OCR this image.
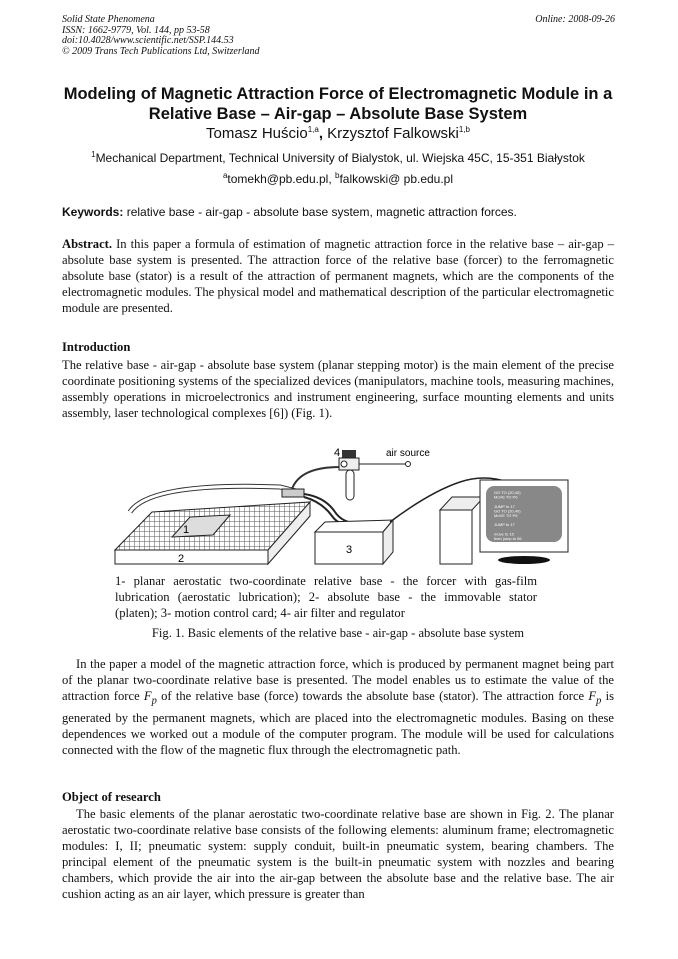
Solid State Phenomena
ISSN: 1662-9779, Vol. 144, pp 53-58
doi:10.4028/www.scientific.net/SSP.144.53
© 2009 Trans Tech Publications Ltd, Switzerland
Online: 2008-09-26
Modeling of Magnetic Attraction Force of Electromagnetic Module in a
Relative Base – Air-gap – Absolute Base System
Tomasz Huścio$^{1,a}$, Krzysztof Falkowski$^{1,b}$
$^1$Mechanical Department, Technical University of Bialystok, ul. Wiejska 45C, 15-351 Białystok
$^a$tomekh@pb.edu.pl, $^b$falkowski@ pb.edu.pl
Keywords: relative base - air-gap - absolute base system, magnetic attraction forces.

Abstract. In this paper a formula of estimation of magnetic attraction force in the relative base – air-gap – absolute base system is presented. The attraction force of the relative base (forcer) to the ferromagnetic absolute base (stator) is a result of the attraction of permanent magnets, which are the components of the electromagnetic modules. The physical model and mathematical description of the particular electromagnetic module are presented.

Introduction

The relative base - air-gap - absolute base system (planar stepping motor) is the main element of the precise coordinate positioning systems of the specialized devices (manipulators, machine tools, measuring machines, assembly operations in microelectronics and instrument engineering, surface mounting elements and units assembly, laser technological complexes [6]) (Fig. 1).

1
2
3
4	air source
GO TO (20,40)
MoVE TO P6
JUMP to 17
GO TO (20,40)
MoVE TO P6
JUMP to 17
move to 15
then jump to 56

1- planar aerostatic two-coordinate relative base - the forcer with gas-film lubrication (aerostatic lubrication); 2- absolute base - the immovable stator (platen); 3- motion control card; 4- air filter and regulator

Fig. 1. Basic elements of the relative base - air-gap - absolute base system

In the paper a model of the magnetic attraction force, which is produced by permanent magnet being part of the planar two-coordinate relative base is presented. The model enables us to estimate the value of the attraction force $F_p$ of the relative base (force) towards the absolute base (stator). The attraction force $F_p$ is generated by the permanent magnets, which are placed into the electromagnetic modules. Basing on these dependences we worked out a module of the computer program. The module will be used for calculations connected with the flow of the magnetic flux through the electromagnetic path.

Object of research

The basic elements of the planar aerostatic two-coordinate relative base are shown in Fig. 2. The planar aerostatic two-coordinate relative base consists of the following elements: aluminum frame; electromagnetic modules: I, II; pneumatic system: supply conduit, built-in pneumatic system, bearing chambers. The principal element of the pneumatic system is the built-in pneumatic system with nozzles and bearing chambers, which provide the air into the air-gap between the absolute base and the relative base. The air cushion acting as an air layer, which pressure is greater than
